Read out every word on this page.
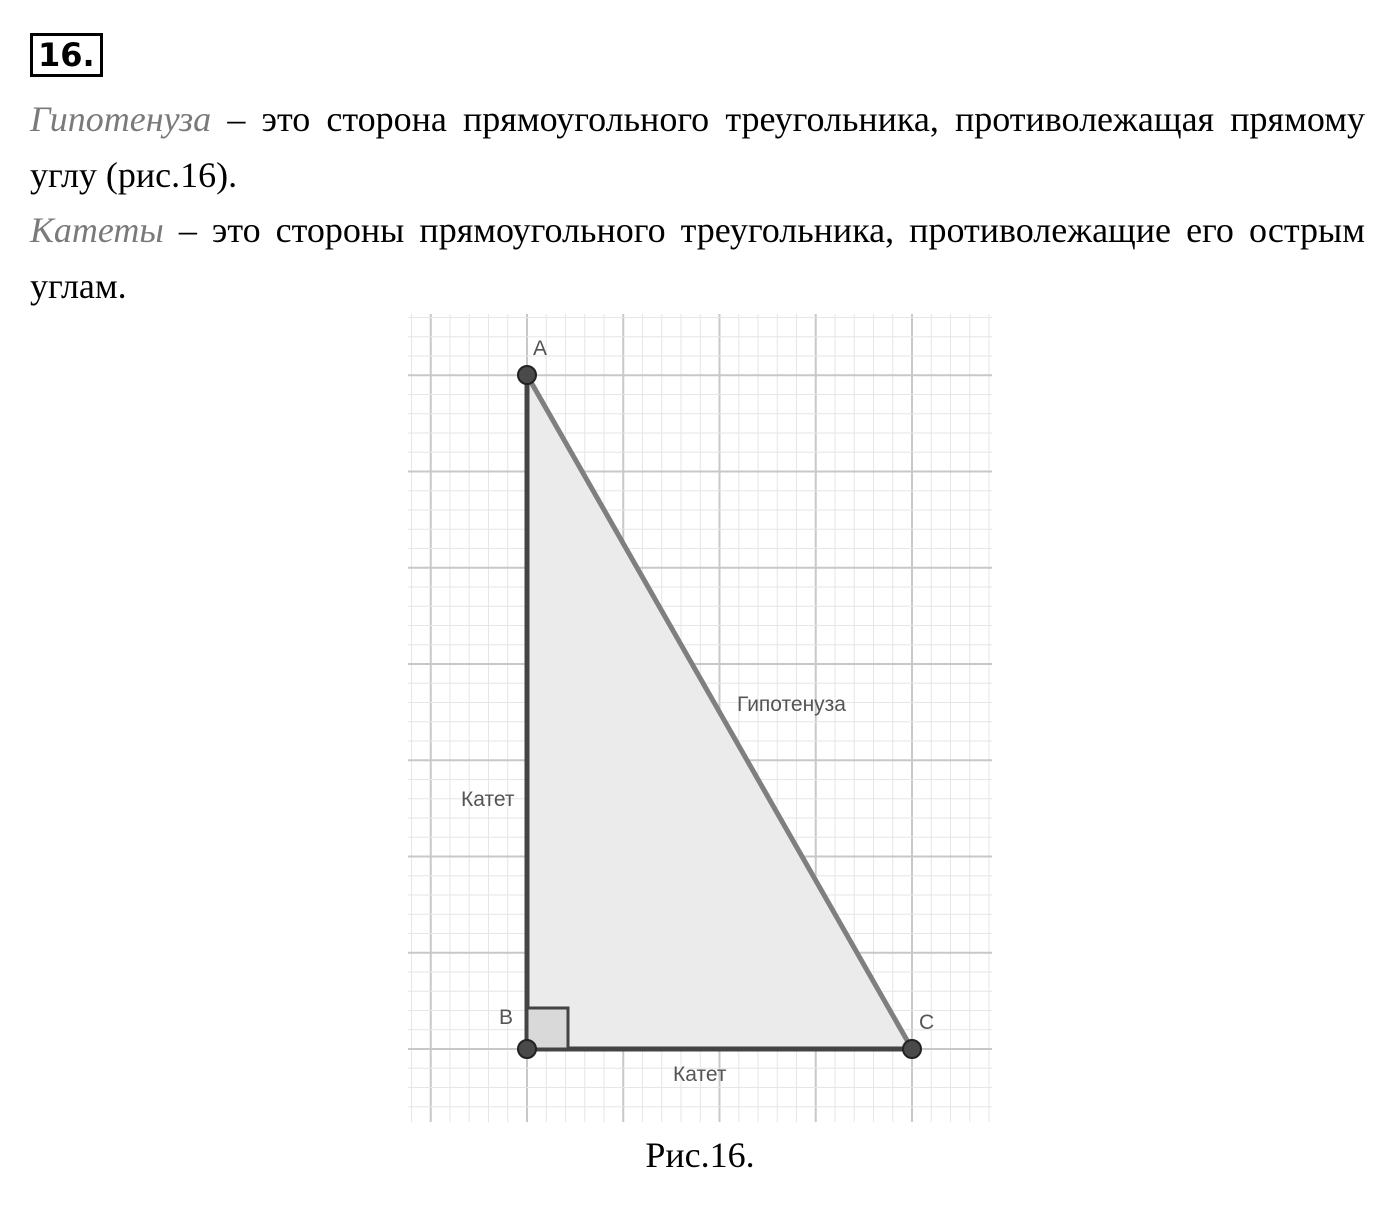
16.

Гипотенуза – это сторона прямоугольного треугольника, противолежащая прямому углу (рис.16).

Катеты – это стороны прямоугольного треугольника, противолежащие его острым углам.

A
B	C
Гипотенуза
Катет
Катет

Рис.16.
